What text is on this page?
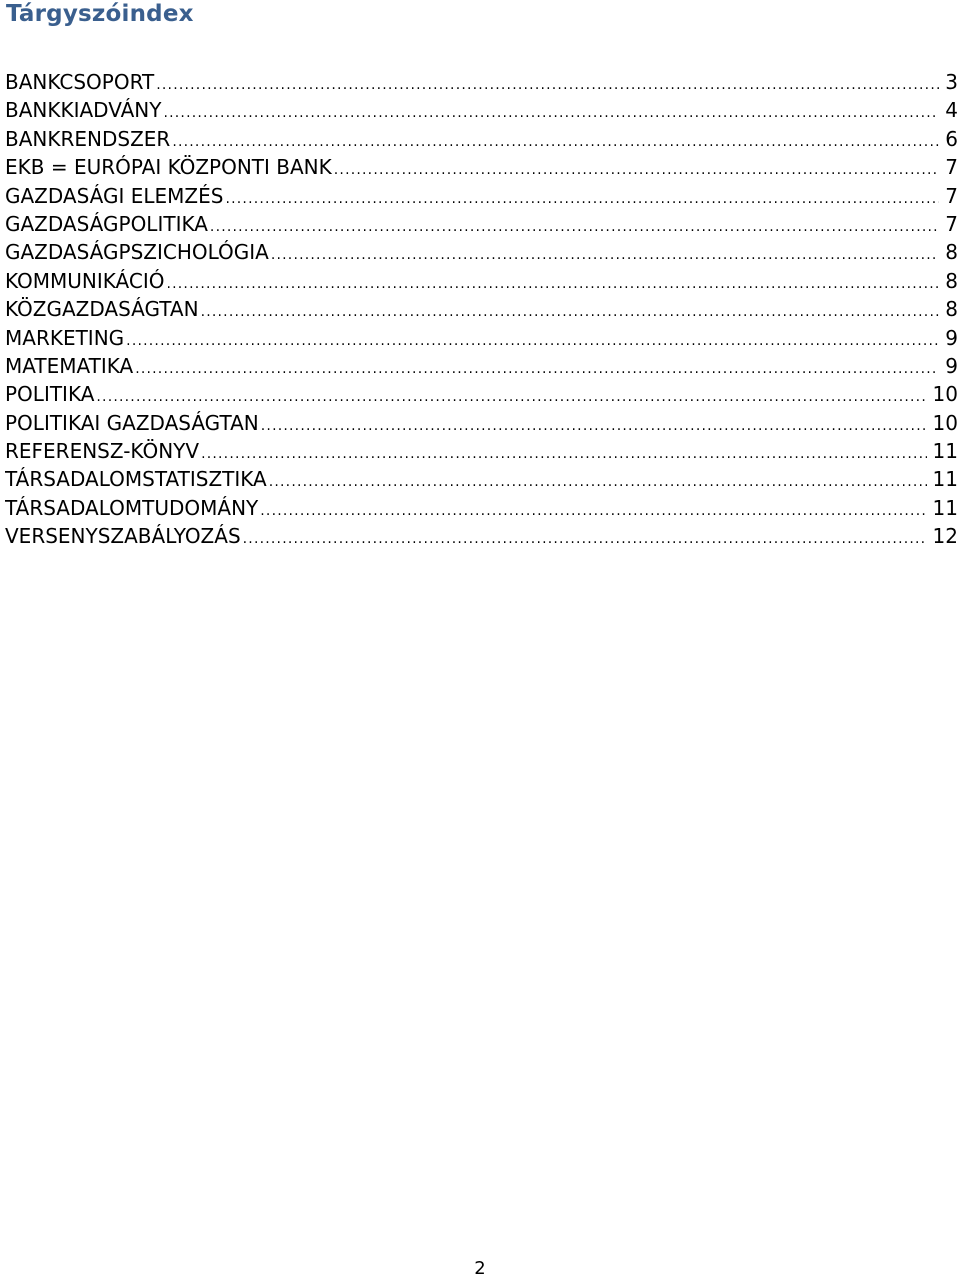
Tárgyszóindex
BANKCSOPORT .....	3
BANKKIADVÁNY .....	4
BANKRENDSZER .....	6
EKB = EURÓPAI KÖZPONTI BANK .....	7
GAZDASÁGI ELEMZÉS .....	7
GAZDASÁGPOLITIKA .....	7
GAZDASÁGPSZICHOLÓGIA .....	8
KOMMUNIKÁCIÓ .....	8
KÖZGAZDASÁGTAN .....	8
MARKETING .....	9
MATEMATIKA .....	9
POLITIKA .....	10
POLITIKAI GAZDASÁGTAN .....	10
REFERENSZ-KÖNYV .....	11
TÁRSADALOMSTATISZTIKA .....	11
TÁRSADALOMTUDOMÁNY .....	11
VERSENYSZABÁLYOZÁS .....	12
2
